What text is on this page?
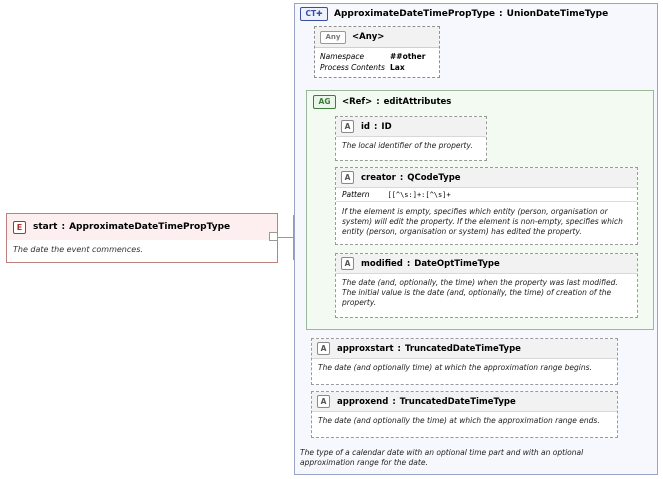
E	start : ApproximateDateTimePropType
The date the event commences.
CT✚	ApproximateDateTimePropType : UnionDateTimeType
Any	<Any>
Namespace	##other
Process Contents Lax
AG	<Ref> : editAttributes
A	id : ID
The local identifier of the property.
A	creator : QCodeType
Pattern	[[^\s:]+:[^\s]+
If the element is empty, specifies which entity (person, organisation or system) will edit the property. If the element is non-empty, specifies which entity (person, organisation or system) has edited the property.
A	modified : DateOptTimeType
The date (and, optionally, the time) when the property was last modified. The initial value is the date (and, optionally, the time) of creation of the property.
A	approxstart : TruncatedDateTimeType
The date (and optionally time) at which the approximation range begins.
A	approxend : TruncatedDateTimeType
The date (and optionally the time) at which the approximation range ends.
The type of a calendar date with an optional time part and with an optional approximation range for the date.
